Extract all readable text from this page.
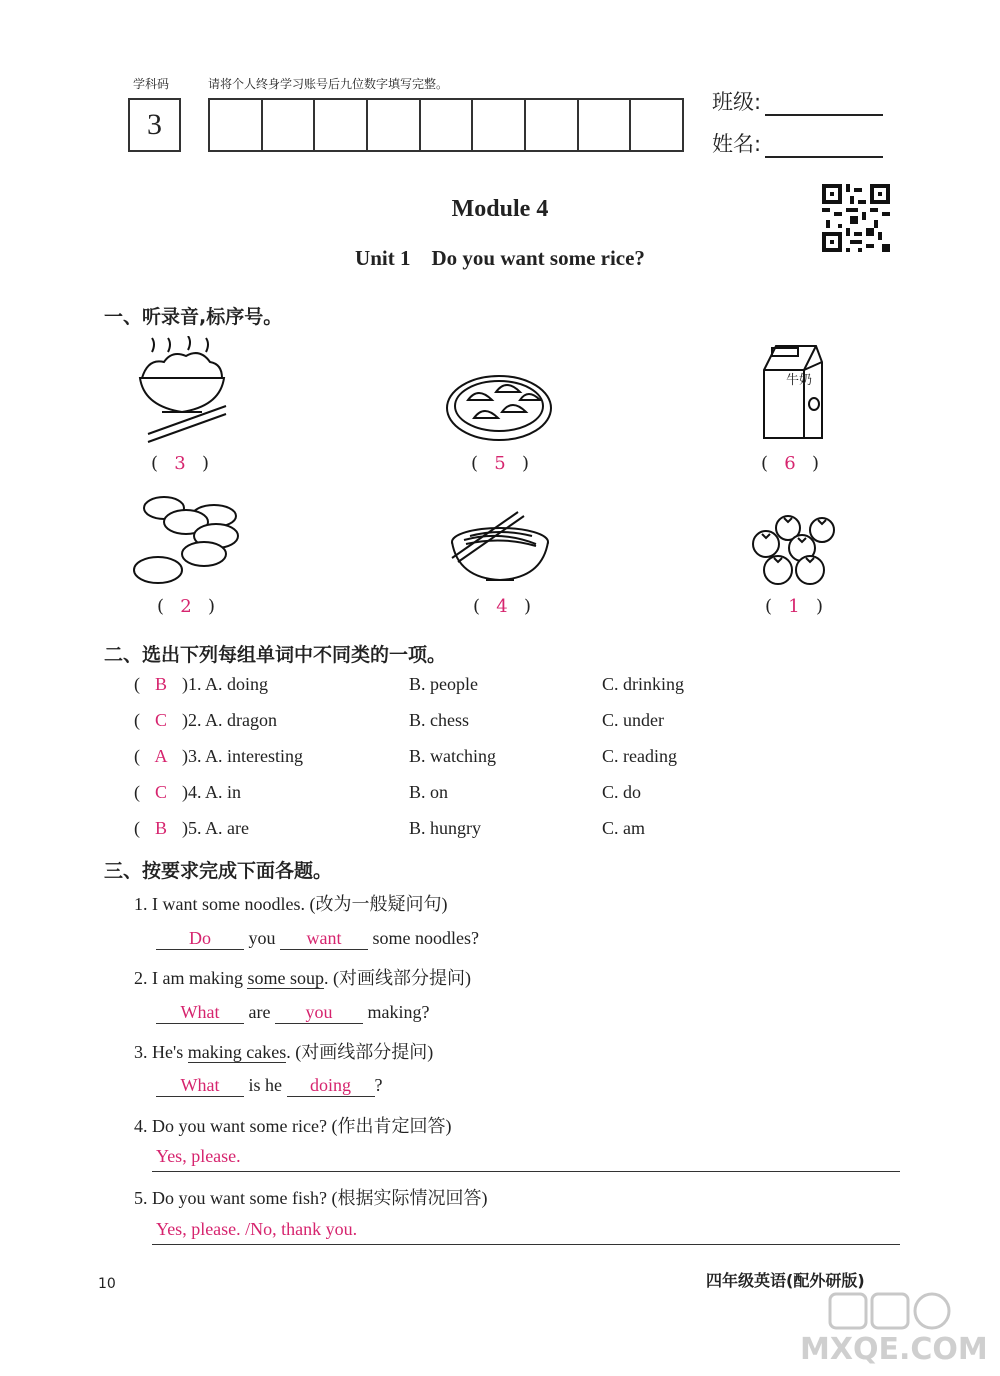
学科码	请将个人终身学习账号后九位数字填写完整。
3
班级:
姓名:
Module 4
Unit 1    Do you want some rice?
一、听录音,标序号。
( 3 )	( 5 )
牛奶
( 6 )
( 2 )	( 4 )	( 1 )
二、选出下列每组单词中不同类的一项。
( B )1. A. doing	B. people	C. drinking
( C )2. A. dragon	B. chess	C. under
( A )3. A. interesting	B. watching	C. reading
( C )4. A. in	B. on	C. do
( B )5. A. are	B. hungry	C. am
三、按要求完成下面各题。
1. I want some noodles. (改为一般疑问句)
Do you want some noodles?
2. I am making some soup. (对画线部分提问)
What are you making?
3. He's making cakes. (对画线部分提问)
What is he doing ?
4. Do you want some rice? (作出肯定回答)
Yes, please.
5. Do you want some fish? (根据实际情况回答)
Yes, please. /No, thank you.
10	四年级英语(配外研版)
MXQE.COM
